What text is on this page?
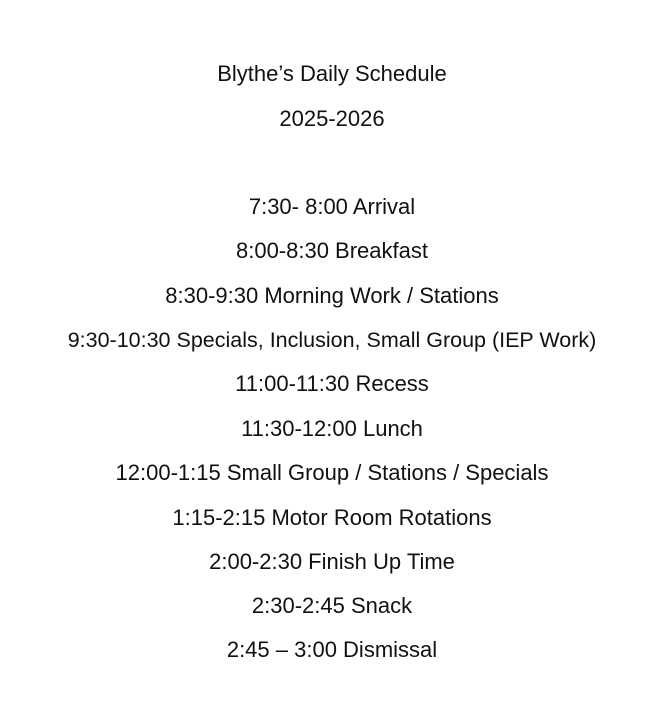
Blythe’s Daily Schedule
2025-2026
7:30- 8:00 Arrival
8:00-8:30 Breakfast
8:30-9:30 Morning Work / Stations
9:30-10:30 Specials, Inclusion, Small Group (IEP Work)
11:00-11:30 Recess
11:30-12:00 Lunch
12:00-1:15 Small Group / Stations / Specials
1:15-2:15 Motor Room Rotations
2:00-2:30 Finish Up Time
2:30-2:45 Snack
2:45 – 3:00 Dismissal
